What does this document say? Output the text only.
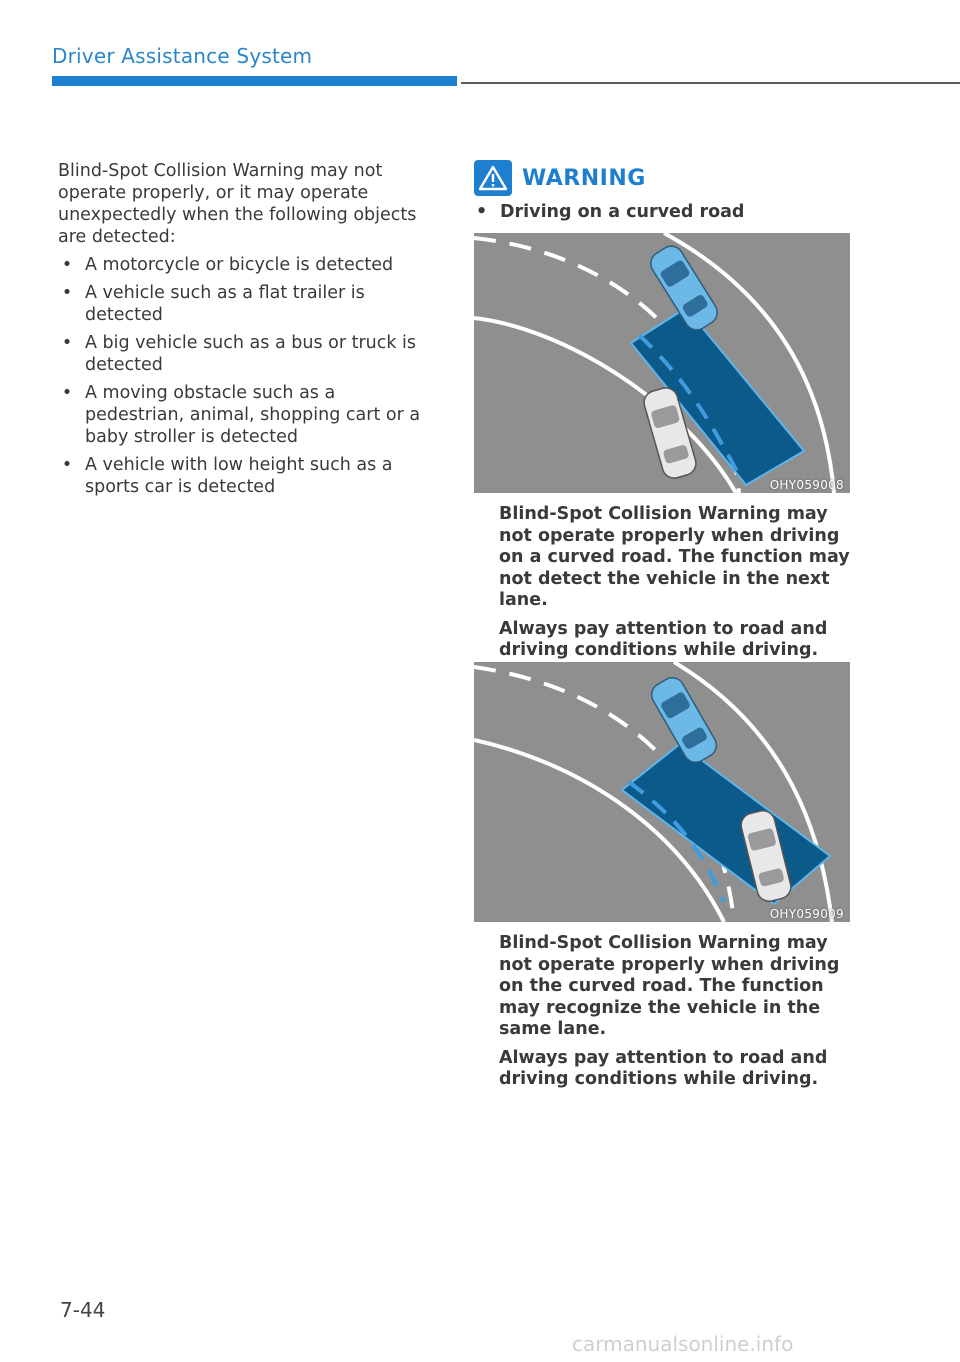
Driver Assistance System

Blind-Spot Collision Warning may not operate properly, or it may operate unexpectedly when the following objects are detected:

• A motorcycle or bicycle is detected
• A vehicle such as a flat trailer is detected
• A big vehicle such as a bus or truck is detected
• A moving obstacle such as a pedestrian, animal, shopping cart or a baby stroller is detected
• A vehicle with low height such as a sports car is detected
WARNING
• Driving on a curved road
OHY059008

Blind-Spot Collision Warning may not operate properly when driving on a curved road. The function may not detect the vehicle in the next lane.

Always pay attention to road and driving conditions while driving.

OHY059009

Blind-Spot Collision Warning may not operate properly when driving on the curved road. The function may recognize the vehicle in the same lane.

Always pay attention to road and driving conditions while driving.

7-44
carmanualsonline.info
